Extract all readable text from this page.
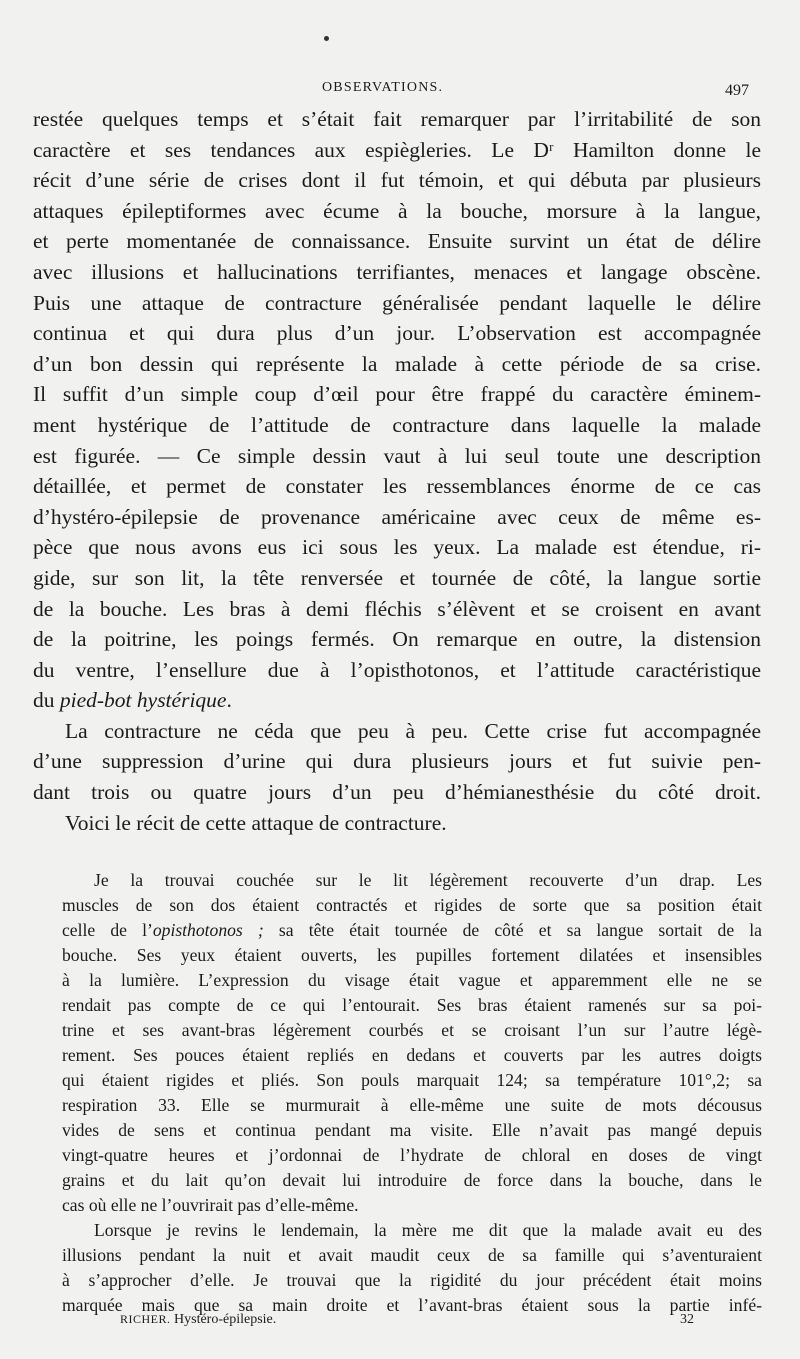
OBSERVATIONS.	497
restée quelques temps et s’était fait remarquer par l’irritabilité de son
caractère et ses tendances aux espiègleries. Le Dʳ Hamilton donne le
récit d’une série de crises dont il fut témoin, et qui débuta par plusieurs
attaques épileptiformes avec écume à la bouche, morsure à la langue,
et perte momentanée de connaissance. Ensuite survint un état de délire
avec illusions et hallucinations terrifiantes, menaces et langage obscène.
Puis une attaque de contracture généralisée pendant laquelle le délire
continua et qui dura plus d’un jour. L’observation est accompagnée
d’un bon dessin qui représente la malade à cette période de sa crise.
Il suffit d’un simple coup d’œil pour être frappé du caractère éminem-
ment hystérique de l’attitude de contracture dans laquelle la malade
est figurée. — Ce simple dessin vaut à lui seul toute une description
détaillée, et permet de constater les ressemblances énorme de ce cas
d’hystéro-épilepsie de provenance américaine avec ceux de même es-
pèce que nous avons eus ici sous les yeux. La malade est étendue, ri-
gide, sur son lit, la tête renversée et tournée de côté, la langue sortie
de la bouche. Les bras à demi fléchis s’élèvent et se croisent en avant
de la poitrine, les poings fermés. On remarque en outre, la distension
du ventre, l’ensellure due à l’opisthotonos, et l’attitude caractéristique
du pied-bot hystérique.
La contracture ne céda que peu à peu. Cette crise fut accompagnée
d’une suppression d’urine qui dura plusieurs jours et fut suivie pen-
dant trois ou quatre jours d’un peu d’hémianesthésie du côté droit.
Voici le récit de cette attaque de contracture.
Je la trouvai couchée sur le lit légèrement recouverte d’un drap. Les
muscles de son dos étaient contractés et rigides de sorte que sa position était
celle de l’opisthotonos ; sa tête était tournée de côté et sa langue sortait de la
bouche. Ses yeux étaient ouverts, les pupilles fortement dilatées et insensibles
à la lumière. L’expression du visage était vague et apparemment elle ne se
rendait pas compte de ce qui l’entourait. Ses bras étaient ramenés sur sa poi-
trine et ses avant-bras légèrement courbés et se croisant l’un sur l’autre légè-
rement. Ses pouces étaient repliés en dedans et couverts par les autres doigts
qui étaient rigides et pliés. Son pouls marquait 124; sa température 101°,2; sa
respiration 33. Elle se murmurait à elle-même une suite de mots décousus
vides de sens et continua pendant ma visite. Elle n’avait pas mangé depuis
vingt-quatre heures et j’ordonnai de l’hydrate de chloral en doses de vingt
grains et du lait qu’on devait lui introduire de force dans la bouche, dans le
cas où elle ne l’ouvrirait pas d’elle-même.
Lorsque je revins le lendemain, la mère me dit que la malade avait eu des
illusions pendant la nuit et avait maudit ceux de sa famille qui s’aventuraient
à s’approcher d’elle. Je trouvai que la rigidité du jour précédent était moins
marquée mais que sa main droite et l’avant-bras étaient sous la partie infé-
RICHER. Hystéro-épilepsie.	32
